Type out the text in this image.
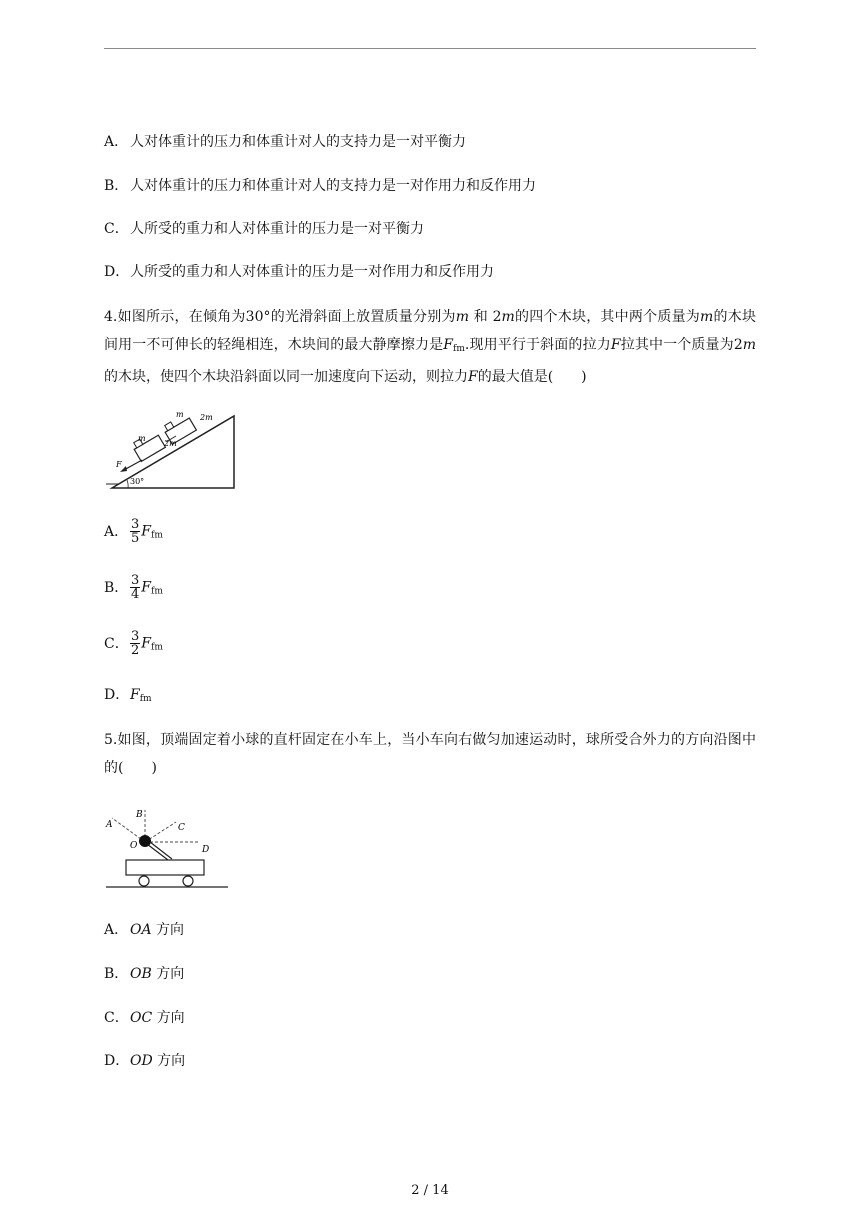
A． 人对体重计的压力和体重计对人的支持力是一对平衡力
B． 人对体重计的压力和体重计对人的支持力是一对作用力和反作用力
C．人所受的重力和人对体重计的压力是一对平衡力
D．人所受的重力和人对体重计的压力是一对作用力和反作用力
4.如图所示，在倾角为30°的光滑斜面上放置质量分别为m 和 2m的四个木块，其中两个质量为m的木块间用一不可伸长的轻绳相连，木块间的最大静摩擦力是$F_{fm}$.现用平行于斜面的拉力F拉其中一个质量为2m的木块，使四个木块沿斜面以同一加速度向下运动，则拉力F的最大值是(　　)
m 2m
m
2m
F
30°
A． $\frac{3}{5} F_{fm}$
B． $\frac{3}{4} F_{fm}$
C． $\frac{3}{2} F_{fm}$
D．$F_{fm}$
5.如图，顶端固定着小球的直杆固定在小车上，当小车向右做匀加速运动时，球所受合外力的方向沿图中的(　　)
A
B
C
D
O
A． OA 方向
B． OB 方向
C．OC 方向
D．OD 方向
2 / 14
